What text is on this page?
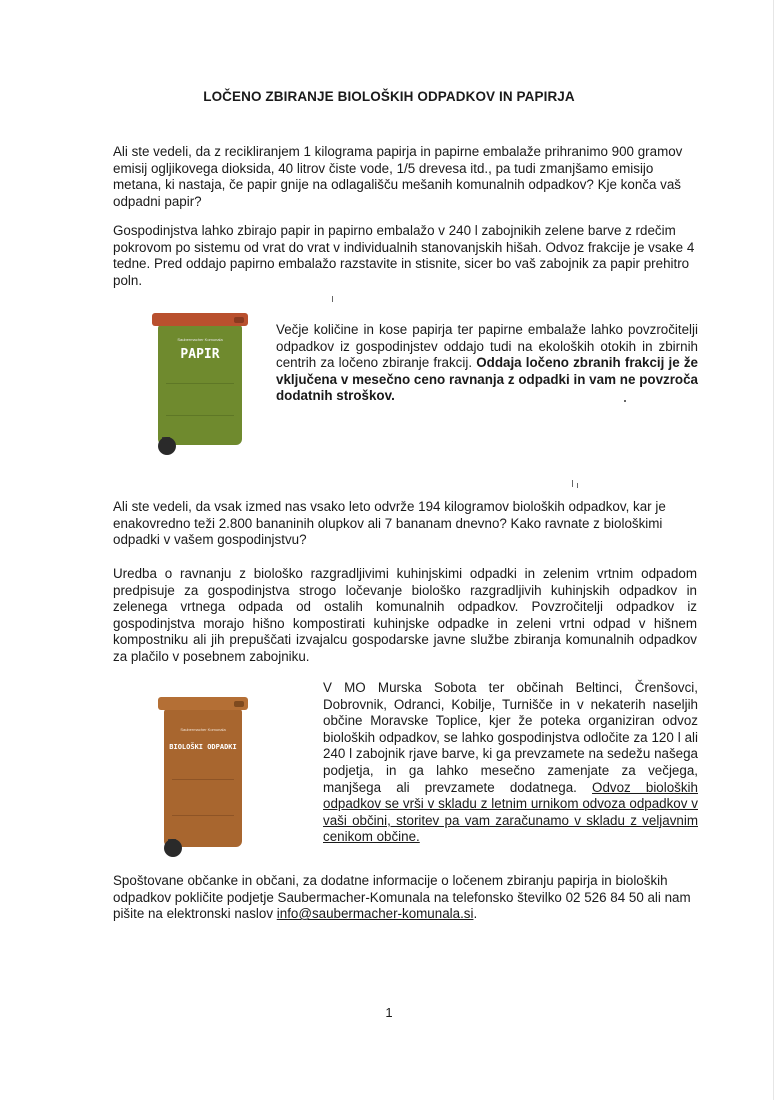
LOČENO ZBIRANJE BIOLOŠKIH ODPADKOV IN PAPIRJA

Ali ste vedeli, da z recikliranjem 1 kilograma papirja in papirne embalaže prihranimo 900 gramov emisij ogljikovega dioksida, 40 litrov čiste vode, 1/5 drevesa itd., pa tudi zmanjšamo emisijo metana, ki nastaja, če papir gnije na odlagališču mešanih komunalnih odpadkov? Kje konča vaš odpadni papir?

Gospodinjstva lahko zbirajo papir in papirno embalažo v 240 l zabojnikih zelene barve z rdečim pokrovom po sistemu od vrat do vrat v individualnih stanovanjskih hišah. Odvoz frakcije je vsake 4 tedne. Pred oddajo papirno embalažo razstavite in stisnite, sicer bo vaš zabojnik za papir prehitro poln.

Saubermacher Komunala
PAPIR

Večje količine in kose papirja ter papirne embalaže lahko povzročitelji odpadkov iz gospodinjstev oddajo tudi na ekoloških otokih in zbirnih centrih za ločeno zbiranje frakcij. Oddaja ločeno zbranih frakcij je že vključena v mesečno ceno ravnanja z odpadki in vam ne povzroča dodatnih stroškov.

Ali ste vedeli, da vsak izmed nas vsako leto odvrže 194 kilogramov bioloških odpadkov, kar je enakovredno teži 2.800 bananinih olupkov ali 7 bananam dnevno? Kako ravnate z biološkimi odpadki v vašem gospodinjstvu?

Uredba o ravnanju z biološko razgradljivimi kuhinjskimi odpadki in zelenim vrtnim odpadom predpisuje za gospodinjstva strogo ločevanje biološko razgradljivih kuhinjskih odpadkov in zelenega vrtnega odpada od ostalih komunalnih odpadkov. Povzročitelji odpadkov iz gospodinjstva morajo hišno kompostirati kuhinjske odpadke in zeleni vrtni odpad v hišnem kompostniku ali jih prepuščati izvajalcu gospodarske javne službe zbiranja komunalnih odpadkov za plačilo v posebnem zabojniku.

Saubermacher Komunala
BIOLOŠKI ODPADKI

V MO Murska Sobota ter občinah Beltinci, Črenšovci, Dobrovnik, Odranci, Kobilje, Turnišče in v nekaterih naseljih občine Moravske Toplice, kjer že poteka organiziran odvoz bioloških odpadkov, se lahko gospodinjstva odločite za 120 l ali 240 l zabojnik rjave barve, ki ga prevzamete na sedežu našega podjetja, in ga lahko mesečno zamenjate za večjega, manjšega ali prevzamete dodatnega. Odvoz bioloških odpadkov se vrši v skladu z letnim urnikom odvoza odpadkov v vaši občini, storitev pa vam zaračunamo v skladu z veljavnim cenikom občine.

Spoštovane občanke in občani, za dodatne informacije o ločenem zbiranju papirja in bioloških odpadkov pokličite podjetje Saubermacher-Komunala na telefonsko številko 02 526 84 50 ali nam pišite na elektronski naslov info@saubermacher-komunala.si.

1
